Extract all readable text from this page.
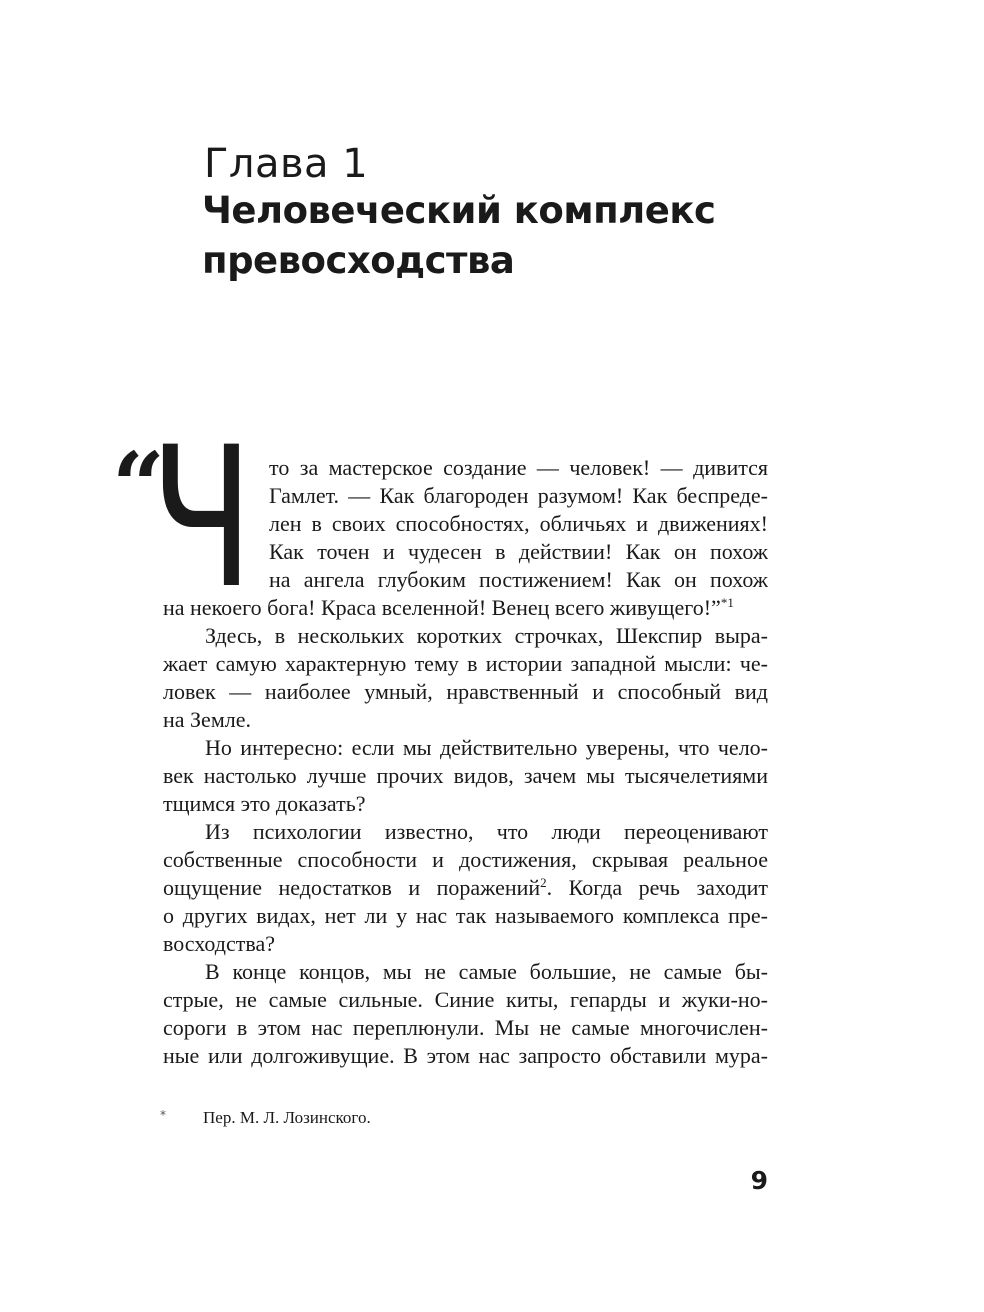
Глава 1
Человеческий комплекс
превосходства
“
Ч то за мастерское создание — человек! — дивится
Гамлет. — Как благороден разумом! Как беспреде-
лен в своих способностях, обличьях и движениях!
Как точен и чудесен в действии! Как он похож
на ангела глубоким постижением! Как он похож
на некоего бога! Краса вселенной! Венец всего живущего!”$^{*1}$
Здесь, в нескольких коротких строчках, Шекспир выра-
жает самую характерную тему в истории западной мысли: че-
ловек — наиболее умный, нравственный и способный вид
на Земле.
Но интересно: если мы действительно уверены, что чело-
век настолько лучше прочих видов, зачем мы тысячелетиями
тщимся это доказать?
Из психологии известно, что люди переоценивают
собственные способности и достижения, скрывая реальное
ощущение недостатков и поражений$^2$. Когда речь заходит
о других видах, нет ли у нас так называемого комплекса пре-
восходства?
В конце концов, мы не самые большие, не самые бы-
стрые, не самые сильные. Синие киты, гепарды и жуки-но-
сороги в этом нас переплюнули. Мы не самые многочислен-
ные или долгоживущие. В этом нас запросто обставили мура-
* Пер. М. Л. Лозинского.
9
